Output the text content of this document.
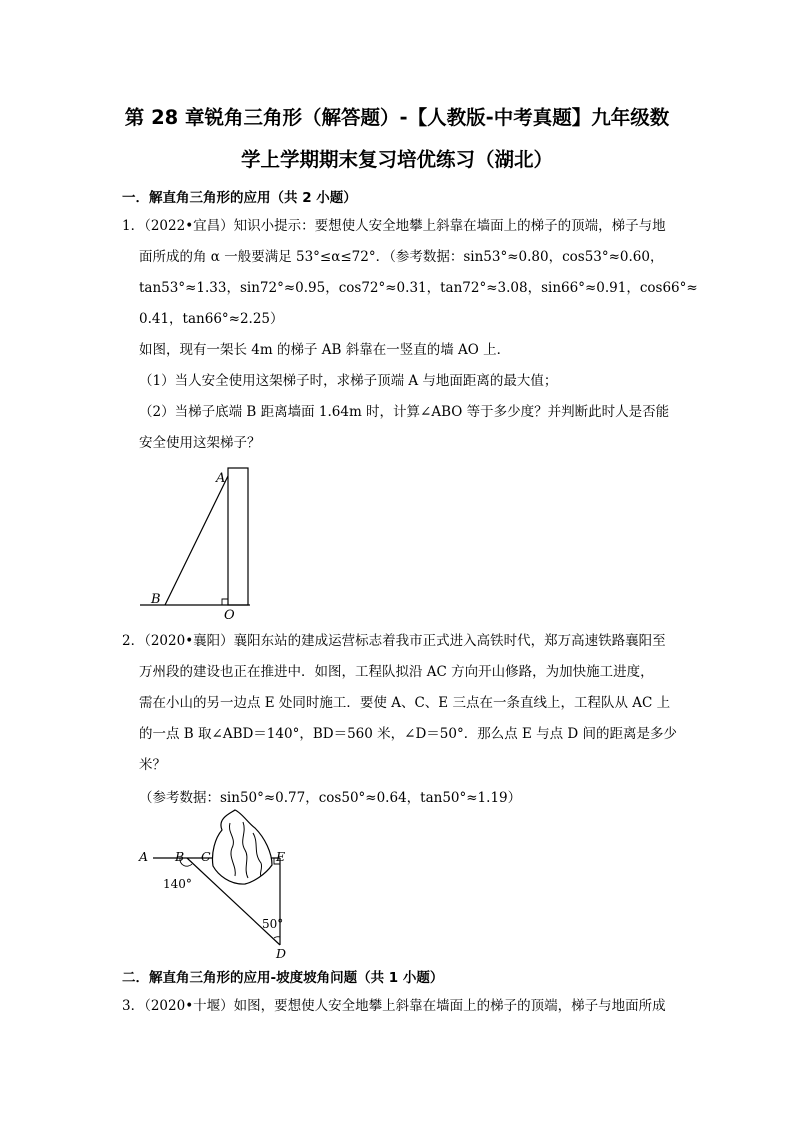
第 28 章锐角三角形（解答题）-【人教版-中考真题】九年级数
学上学期期末复习培优练习（湖北）
一．解直角三角形的应用（共 2 小题）
1．（2022•宜昌）知识小提示：要想使人安全地攀上斜靠在墙面上的梯子的顶端，梯子与地
面所成的角 α 一般要满足 53°≤α≤72°．（参考数据：sin53°≈0.80，cos53°≈0.60，
tan53°≈1.33，sin72°≈0.95，cos72°≈0.31，tan72°≈3.08，sin66°≈0.91，cos66°≈
0.41，tan66°≈2.25）
如图，现有一架长 4m 的梯子 AB 斜靠在一竖直的墙 AO 上．
（1）当人安全使用这架梯子时，求梯子顶端 A 与地面距离的最大值；
（2）当梯子底端 B 距离墙面 1.64m 时，计算∠ABO 等于多少度？并判断此时人是否能
安全使用这架梯子？
A
B
O
2．（2020•襄阳）襄阳东站的建成运营标志着我市正式进入高铁时代，郑万高速铁路襄阳至
万州段的建设也正在推进中．如图，工程队拟沿 AC 方向开山修路，为加快施工进度，
需在小山的另一边点 E 处同时施工．要使 A、C、E 三点在一条直线上，工程队从 AC 上
的一点 B 取∠ABD＝140°，BD＝560 米，∠D＝50°．那么点 E 与点 D 间的距离是多少
米？
（参考数据：sin50°≈0.77，cos50°≈0.64，tan50°≈1.19）
A B C	E
D
140°
50°
二．解直角三角形的应用-坡度坡角问题（共 1 小题）
3．（2020•十堰）如图，要想使人安全地攀上斜靠在墙面上的梯子的顶端，梯子与地面所成
